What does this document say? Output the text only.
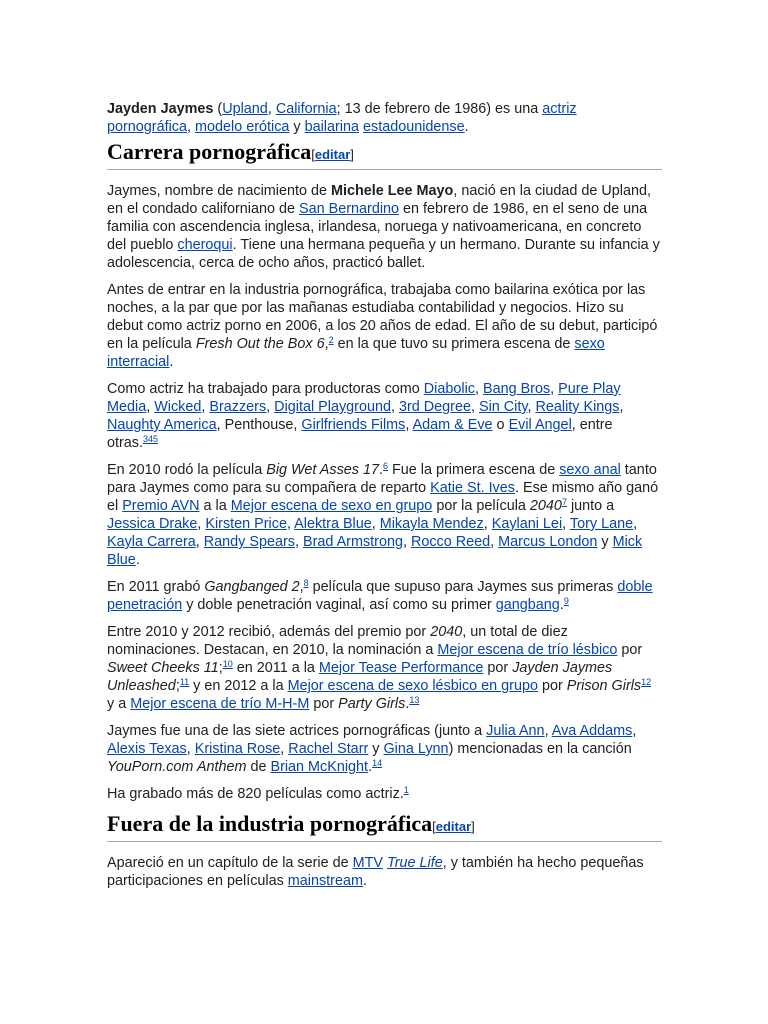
Jayden Jaymes (Upland, California; 13 de febrero de 1986) es una actriz pornográfica, modelo erótica y bailarina estadounidense.

Carrera pornográfica[editar]

Jaymes, nombre de nacimiento de Michele Lee Mayo, nació en la ciudad de Upland, en el condado californiano de San Bernardino en febrero de 1986, en el seno de una familia con ascendencia inglesa, irlandesa, noruega y nativoamericana, en concreto del pueblo cheroqui. Tiene una hermana pequeña y un hermano. Durante su infancia y adolescencia, cerca de ocho años, practicó ballet.

Antes de entrar en la industria pornográfica, trabajaba como bailarina exótica por las noches, a la par que por las mañanas estudiaba contabilidad y negocios. Hizo su debut como actriz porno en 2006, a los 20 años de edad. El año de su debut, participó en la película Fresh Out the Box 6,$^2$ en la que tuvo su primera escena de sexo interracial.

Como actriz ha trabajado para productoras como Diabolic, Bang Bros, Pure Play Media, Wicked, Brazzers, Digital Playground, 3rd Degree, Sin City, Reality Kings, Naughty America, Penthouse, Girlfriends Films, Adam & Eve o Evil Angel, entre otras.$^{345}$

En 2010 rodó la película Big Wet Asses 17.$^6$ Fue la primera escena de sexo anal tanto para Jaymes como para su compañera de reparto Katie St. Ives. Ese mismo año ganó el Premio AVN a la Mejor escena de sexo en grupo por la película 2040$^7$ junto a Jessica Drake, Kirsten Price, Alektra Blue, Mikayla Mendez, Kaylani Lei, Tory Lane, Kayla Carrera, Randy Spears, Brad Armstrong, Rocco Reed, Marcus London y Mick Blue.

En 2011 grabó Gangbanged 2,$^8$ película que supuso para Jaymes sus primeras doble penetración y doble penetración vaginal, así como su primer gangbang.$^9$

Entre 2010 y 2012 recibió, además del premio por 2040, un total de diez nominaciones. Destacan, en 2010, la nominación a Mejor escena de trío lésbico por Sweet Cheeks 11;$^{10}$ en 2011 a la Mejor Tease Performance por Jayden Jaymes Unleashed;$^{11}$ y en 2012 a la Mejor escena de sexo lésbico en grupo por Prison Girls$^{12}$ y a Mejor escena de trío M-H-M por Party Girls.$^{13}$

Jaymes fue una de las siete actrices pornográficas (junto a Julia Ann, Ava Addams, Alexis Texas, Kristina Rose, Rachel Starr y Gina Lynn) mencionadas en la canción YouPorn.com Anthem de Brian McKnight.$^{14}$

Ha grabado más de 820 películas como actriz.$^1$

Fuera de la industria pornográfica[editar]

Apareció en un capítulo de la serie de MTV True Life, y también ha hecho pequeñas participaciones en películas mainstream.
